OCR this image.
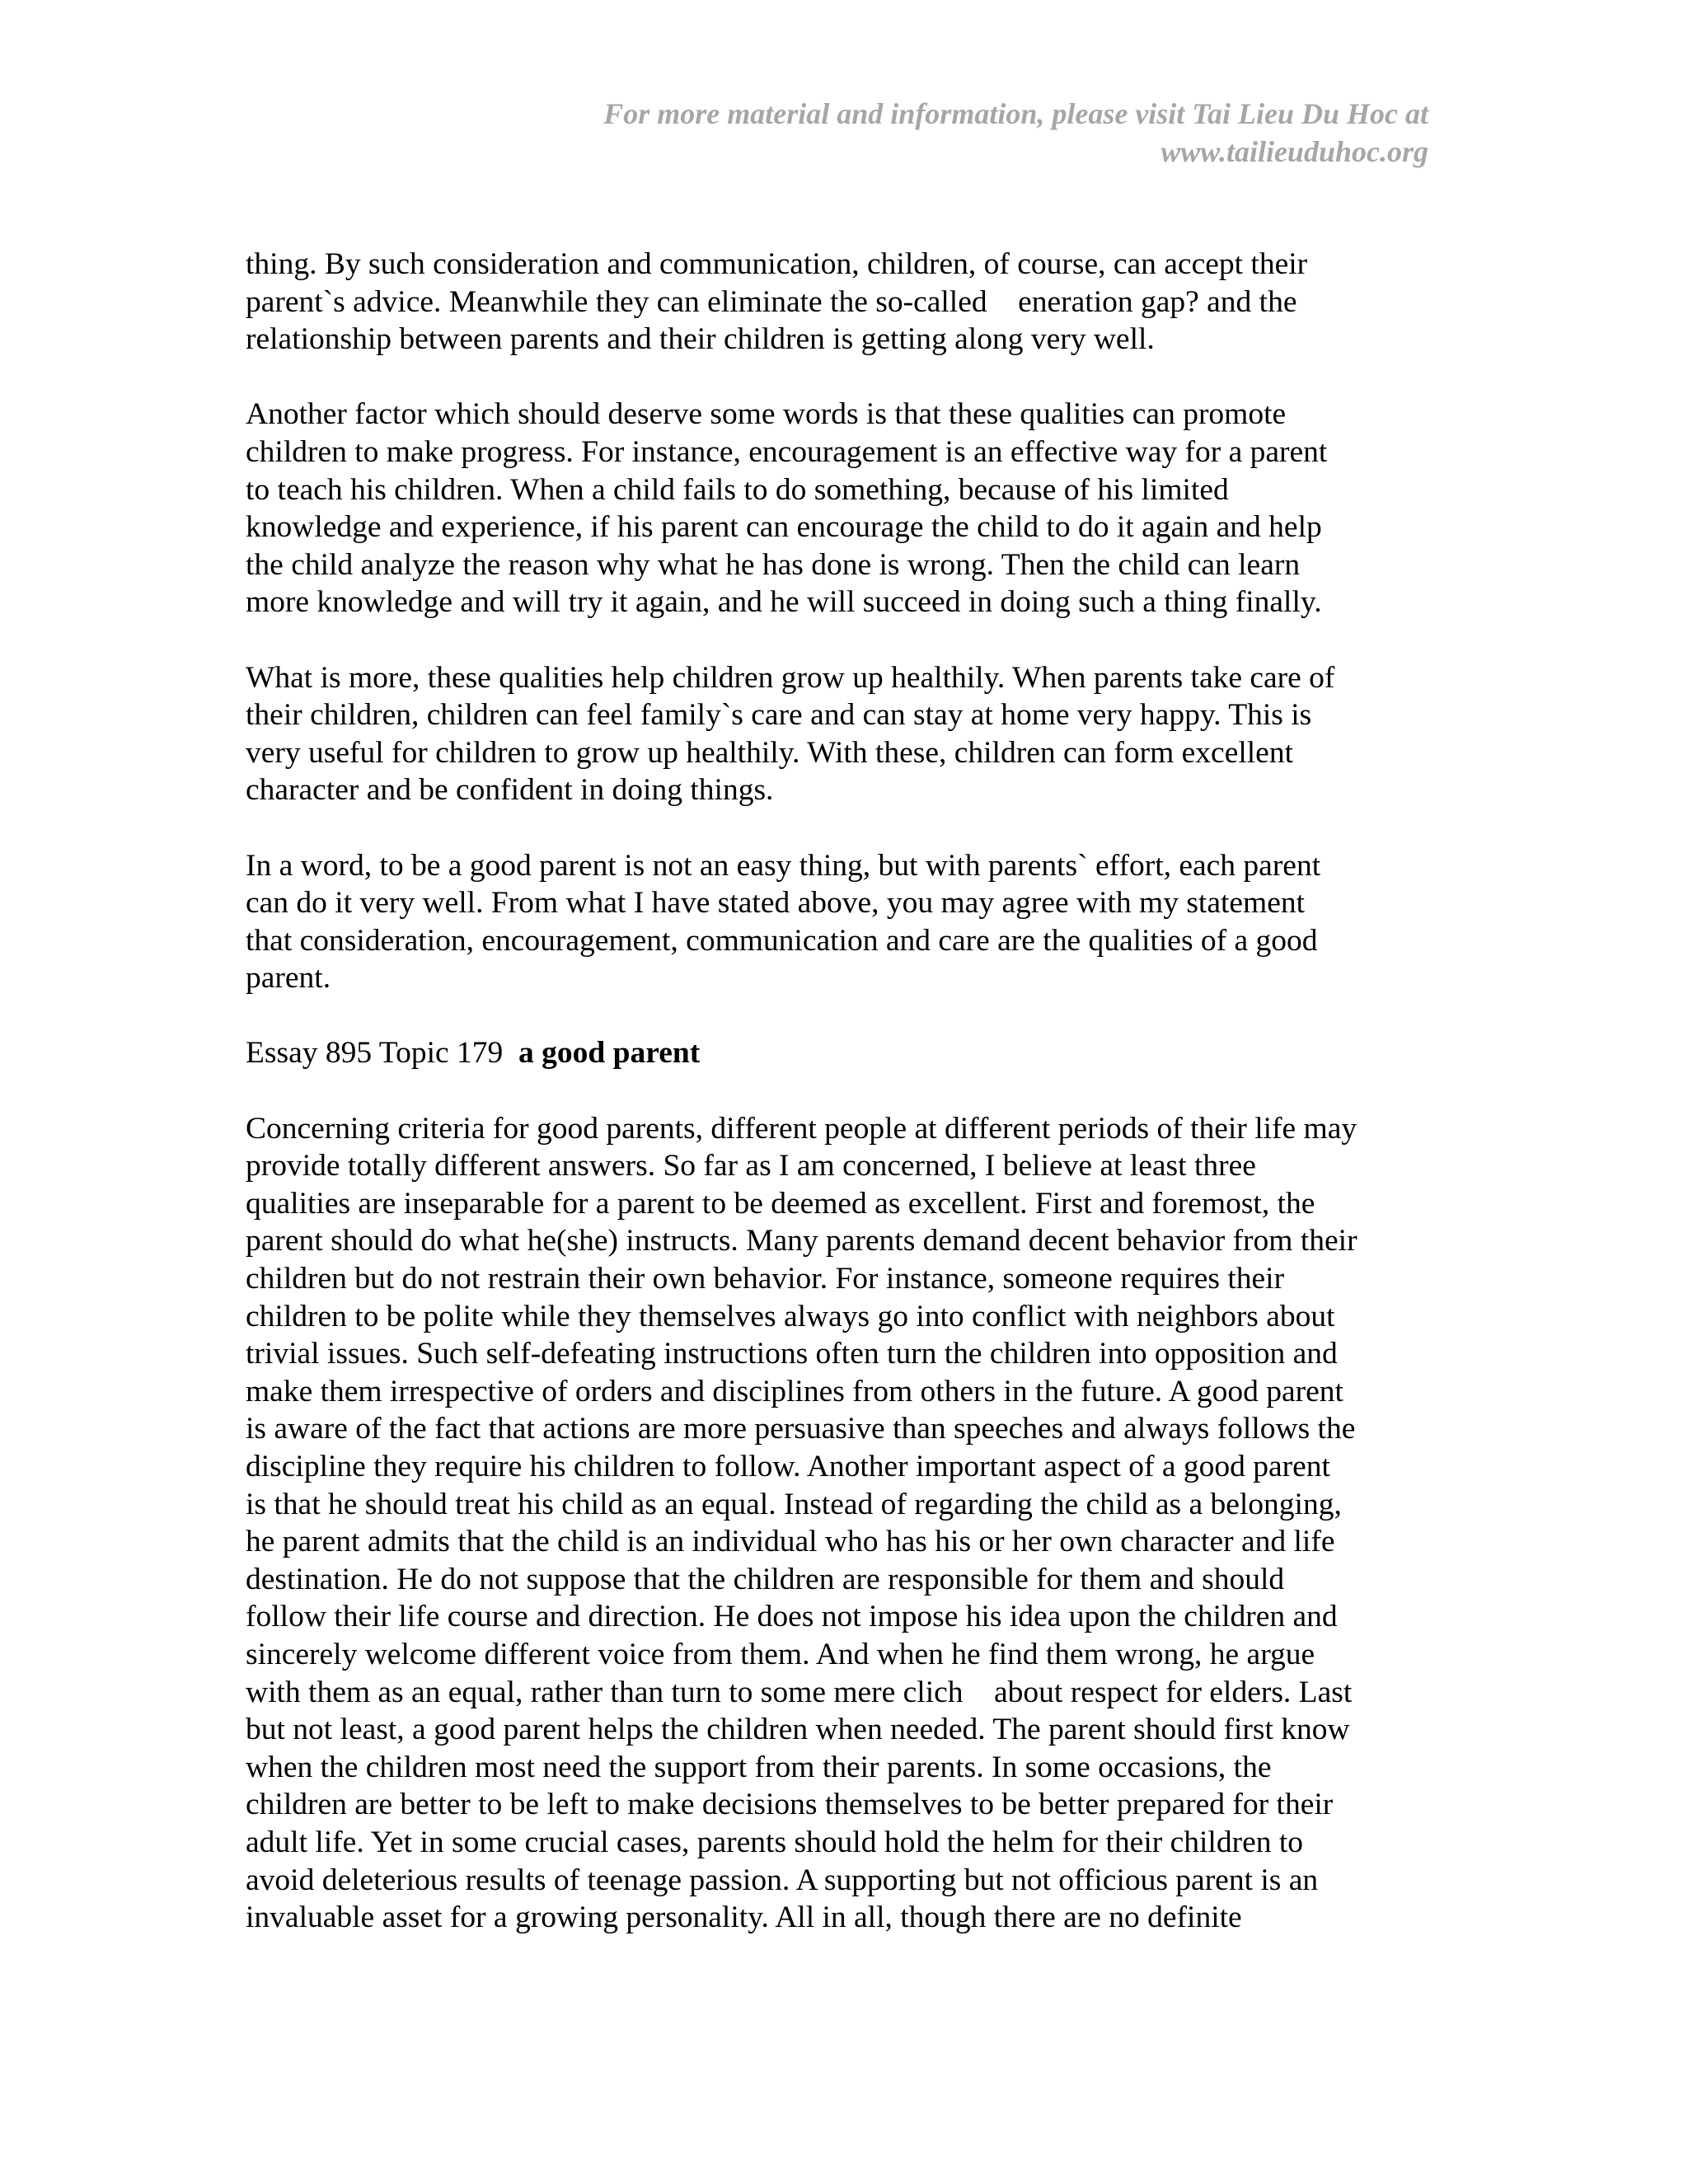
For more material and information, please visit Tai Lieu Du Hoc at
www.tailieuduhoc.org

thing. By such consideration and communication, children, of course, can accept their
parent`s advice. Meanwhile they can eliminate the so-called    eneration gap? and the
relationship between parents and their children is getting along very well.

Another factor which should deserve some words is that these qualities can promote
children to make progress. For instance, encouragement is an effective way for a parent
to teach his children. When a child fails to do something, because of his limited
knowledge and experience, if his parent can encourage the child to do it again and help
the child analyze the reason why what he has done is wrong. Then the child can learn
more knowledge and will try it again, and he will succeed in doing such a thing finally.

What is more, these qualities help children grow up healthily. When parents take care of
their children, children can feel family`s care and can stay at home very happy. This is
very useful for children to grow up healthily. With these, children can form excellent
character and be confident in doing things.

In a word, to be a good parent is not an easy thing, but with parents` effort, each parent
can do it very well. From what I have stated above, you may agree with my statement
that consideration, encouragement, communication and care are the qualities of a good
parent.

Essay 895 Topic 179  a good parent

Concerning criteria for good parents, different people at different periods of their life may
provide totally different answers. So far as I am concerned, I believe at least three
qualities are inseparable for a parent to be deemed as excellent. First and foremost, the
parent should do what he(she) instructs. Many parents demand decent behavior from their
children but do not restrain their own behavior. For instance, someone requires their
children to be polite while they themselves always go into conflict with neighbors about
trivial issues. Such self-defeating instructions often turn the children into opposition and
make them irrespective of orders and disciplines from others in the future. A good parent
is aware of the fact that actions are more persuasive than speeches and always follows the
discipline they require his children to follow. Another important aspect of a good parent
is that he should treat his child as an equal. Instead of regarding the child as a belonging,
he parent admits that the child is an individual who has his or her own character and life
destination. He do not suppose that the children are responsible for them and should
follow their life course and direction. He does not impose his idea upon the children and
sincerely welcome different voice from them. And when he find them wrong, he argue
with them as an equal, rather than turn to some mere clich    about respect for elders. Last
but not least, a good parent helps the children when needed. The parent should first know
when the children most need the support from their parents. In some occasions, the
children are better to be left to make decisions themselves to be better prepared for their
adult life. Yet in some crucial cases, parents should hold the helm for their children to
avoid deleterious results of teenage passion. A supporting but not officious parent is an
invaluable asset for a growing personality. All in all, though there are no definite
